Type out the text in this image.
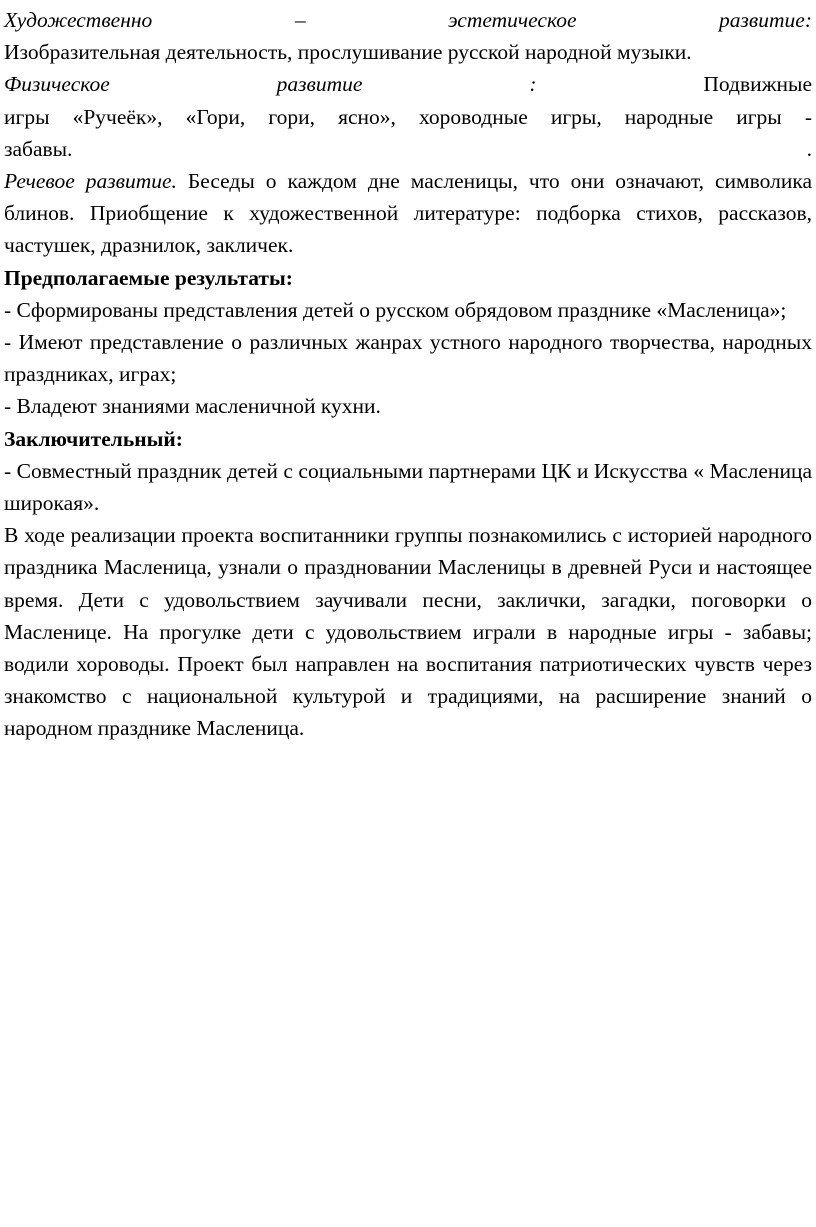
Художественно – эстетическое развитие:

Изобразительная деятельность, прослушивание русской народной музыки.

Физическое развитие :	Подвижные

игры «Ручеёк», «Гори, гори, ясно», хороводные игры, народные игры -

забавы.	.

Речевое развитие. Беседы о каждом дне масленицы, что они означают, символика блинов. Приобщение к художественной литературе: подборка стихов, рассказов, частушек, дразнилок, закличек.

Предполагаемые результаты:

- Сформированы представления детей о русском обрядовом празднике «Масленица»;

- Имеют представление о различных жанрах устного народного творчества, народных праздниках, играх;

- Владеют знаниями масленичной кухни.

Заключительный:

- Совместный праздник детей с социальными партнерами ЦК и Искусства « Масленица широкая».

В ходе реализации проекта воспитанники группы познакомились с историей народного праздника Масленица, узнали о праздновании Масленицы в древней Руси и настоящее время. Дети с удовольствием заучивали песни, заклички, загадки, поговорки о Масленице. На прогулке дети с удовольствием играли в народные игры - забавы; водили хороводы. Проект был направлен на воспитания патриотических чувств через знакомство с национальной культурой и традициями, на расширение знаний о народном празднике Масленица.
